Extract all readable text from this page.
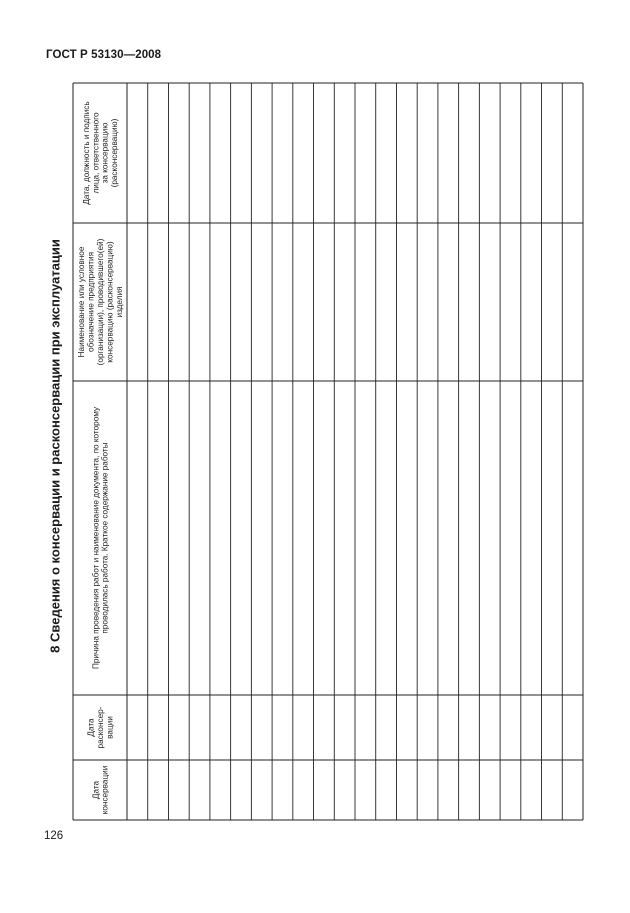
ГОСТ Р 53130—2008
8 Сведения о консервации и расконсервации при эксплуатации
Датаконсервации
Датарасконсер-вации
Причина проведения работ и наименование документа, по которомупроводилась работа. Краткое содержание работы
Наименование или условноеобозначение предприятия(организации), проводившего(ей)консервацию (расконсервацию)изделия
Дата, должность и подписьлица, ответственногоза консервацию(расконсервацию)
126
